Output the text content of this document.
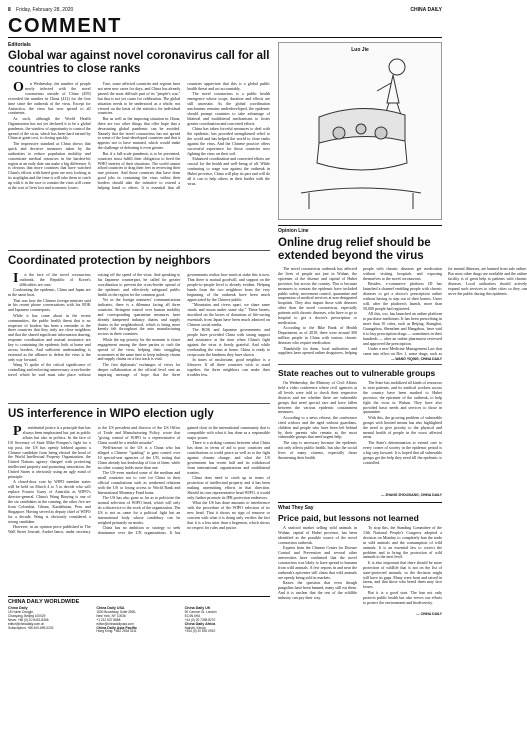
8 Friday, February 28, 2020	CHINA DAILY
COMMENT
Editorials
Global war against novel coronavirus call for all countries to close ranks

On Wednesday, the number of people newly infected with the novel coronavirus outside of China (459) exceeded the number in China (412) for the first time since the outbreak of the virus. Except for Antarctica, the virus has now spread to all continents.

As such, although the World Health Organization has not yet declared it to be a global pandemic, the window of opportunity to control the spread of the virus, which has been hard earned by China at great cost, is closing quickly.

The impressive standard at China shows that quick and decisive measures taken by the authorities to reduce population mobility and concentrate medical resources in the hardest-hit region at an early date can make a big difference. It is obvious that more countries that have watched China's efforts with bated gone are now looking at its stoplights and the time it will take them to catch up with it in the race to contain the virus will come at the cost of lives lost and economic losses.

True, some affected countries and regions have not seen new cases for days, and China has already passed the most difficult part of its "people's war," but that is not yet cause for celebration. The global situation needs to be understood as a whole, not viewed on the basis of the statistics for individual countries.

But as well as the imposing situation in China, there are two other things that offer hope that a devastating global pandemic can be avoided. Namely that the novel coronavirus has not spread to some of the least-developed countries and that it appears not to have mutated, which would make the challenge of defeating it even greater.

But if a full-scale pandemic is to be prevented, countries must fulfill their obligation to heed the WHO interest of their situations. The world cannot afford countries to drag their feet in reviewing their true pictures. And those countries that have done good jobs in containing the virus within their borders should take the initiative to extend a helping hand to others. It is essential that all countries appreciate that this is a global public health threat and act accountably.

The novel coronavirus is a public health emergence whose scope, duration and effects are still uncertain. As the global coordination mechanism remains underdeveloped, the epidemic should prompt countries to take advantage of bilateral and multilateral mechanisms to foster greater coordination and concerted efforts.

China has taken forceful measures to deal with the epidemic, has provided strengthened relief to the world and has helped the world to close ranks against the virus. And the Chinese practice offers successful experience for those countries now fighting the virus on their soil.

Enhanced coordination and concerted efforts are crucial for the health and well-being of all. While continuing to wage war against the outbreak in Hubei province, China will play its part and will do all it can to help others in their battles with the virus.

Coordinated protection by neighbors

In the face of the novel coronavirus outbreak, the Republic of Korea's difficulties are ours.

Confronting the epidemic, China and Japan are in the same boat.

That was how the Chinese foreign minister said in his recent phone conversations with his ROK and Japanese counterparts.

While it has come about in the recent communities, the public health threat that is no respecter of borders has been a reminder to the three countries that they truly are close neighbors and that the shared significant information sharing, response coordination and mutual assistance are key to containing the epidemic both at home and across borders. And sufficient understanding is essential as the alliance to defeat the virus is the only way forward.

Wang Yi spoke of the critical significance of controlling and enforcing unnecessary cross-border travel which he said must take place without cutting off the speed of the virus. And speaking to his Japanese counterpart, he called for greater coordination to prevent the cross-border spread of the epidemic and effectively safeguard public health in the region for the common good.

Yet as the foreign ministers' communications indicates, there is a dilemma facing all three countries. Stringent control over human mobility and corresponding quarantine measures have already dampened industry chains and supply chains in the neighborhood, which is being more keenly felt throughout the auto manufacturing sectors in three countries.

While the top priority for the moment is closer engagement among the three parties to curb the spread of the virus, helping their struggling economies at the same time to keep industry chains and supply chains on a fast track is vital.

The first diplomats' exchanges of views for deeper collaboration at the official level sent an inspiring message of hope that the three governments realize how much at stake this is now. That there is mutual goodwill, and support on the people-to-people level is already evident. Helping hands from the two neighbors from the very beginning of the outbreak have been much appreciated by the Chinese public.

"Mountains and rivers apart, we share same winds and moon under same sky." These hearts, inscribed on the boxes of donations of life-saving essentials from Japan have been much admired on Chinese social media.

The ROK and Japanese governments and people have provided China with strong support and assistance at the time when China's fight against the virus is firmly grateful. And while overhauling the virus at home, China is ready to reciprocate the kindness they have shown.

In times of misfortune, good neighbor is a lifesaver. If all three countries wish to stand together, the three neighbors can make their troubles less.

US interference in WIPO election ugly

Presidential justice is a principle that has always been emphasized but just in public affairs but also in politics. In the face of US Secretary of State Mike Pompeo's fight for a top post, the US has openly lobbied against a Chinese candidate from being elected the head of the World Intellectual Property Organization, the United Nations agency charged with protecting intellectual property and promoting innovation, the United States is obviously using an ugly mind of principle.

A closed-door vote by WIPO member states will be held on March 4 to 5 to decide who will replace Francis Gurry of Australia as WIPO's director-general. China's Wang Binying is one of the six candidates in the running, the other five are from Colombia, Ghana, Kazakhstan, Peru and Singapore. Having served as deputy chief of WIPO for a decade, Wang is obviously considered a strong candidate.

However, in an opinion piece published in The Wall Street Journal, Andrei Iancu, under secretary to the US president and director of the US Office of Trade and Manufacturing Policy, wrote that "giving control of WIPO to a representative of China would be a terrible mistake".

Well-known to the US is a China who has alleged a Chinese "quisling" to gain control over 10 special-seat agencies of the UN, noting that China already has leadership of four of them, while no other country holds more than one.

The US-even marked some of the medium and small countries not to vote for China in their official consultations such as weakened relations with the US or losing access to World Bank and International Monetary Fund loans.

The US has also gone so far as to politicize the normal selection of WIPO head, which will only do a disservice to the work of the organization. The US is not as came for a political fight but an international body whose candidacy can be weighed primarily on merits.

China has no ambition or strategy to seek dominance over the UN organizations. It has gained clout in the international community that is compatible with what it has done as a responsible major power.

There is a striking contrast between what China has done, in terms of aid to poor countries and contributions to world peace as well as to the fight against climate change, and what the US government has recent half and its withdrawal from international organizations and multilateral treaties.

China does need to catch up in terms of protection of intellectual property and it has been making unremitting efforts in that direction. Should its own representative head WIPO, it would only further promote its IPR protection endeavors.

What the US has done amounts to interference with the procedure of the WIPO selection of its new head. That it shows no sign of remorse or concern with what it is doing only verifies the fact that it is a less utter than a hegemon, which shows no respect for rules and justice.

CHINA DAILY WORLDWIDE
China Daily
15 Huixin Dongjie,
Chaoyang, Beijing 100029
News: +86 (0) 10 6491-8366
editor@chinadaily.com.cn
Subscription: +86 400-699-0203
China Daily USA
1500 Broadway, Suite 2800,
New York, NY 10036
+1 212 537 8888
editor@chinadailyusa.com
China Daily Asia Pacific
Hong Kong: +852 2518 5111
China Daily UK
90 Cannon St, London
EC4N 6HA
+44 (0) 20 7398 8270
China Daily Africa
Nairobi, Kenya
+254 (0) 20 692 0910
Luo Jie
Opinion Line
Online drug relief should be extended beyond the virus

The novel coronavirus outbreak has affected the lives of people not just in Wuhan, the epicenter of the disease and capital of Hubei province, but across the country. This is because measures to contain the epidemic have included public safety, movement control, quarantine and suspension of medical services at non-designated hospitals. They also impact those with diseases other than the novel coronavirus, especially patients with chronic diseases, who have to go to hospital to get a doctor's prescription or medication.

According to the Bike Bank of Health Department, as of 2018, there were around 300 million people in China with various chronic diseases who require medication.

Thankfully for them, local authorities and suppliers have opened online drugstores, helping people with chronic diseases get medication without visiting hospitals and exposing themselves to the novel coronavirus.

Besides, e-commerce platform JD has launched a channel enabling people with chronic diseases to get a doctor's prescription online without having to step out of their homes. Users will, after the platform's launch, more than 50,000 people had registered.

All this, too, has launched an online platform to purchase medicines. It has been prescribing in more than 10 cities, such as Beijing, Shanghai, Guangzhou, Shenzhen and Hangzhou, have said it to buy prescription drugs — sometimes in their hundreds — after an online pharmacist reviewed and approved the prescription.

Under a new Medicine Management Law that came into effect on Dec 1, some drugs, such as for mental illnesses, are banned from sale online. But most other drugs are available and the online facility is of great help to patients with chronic diseases. Local authorities should actively expand such services to other cities so they can serve the public during this epidemic.

— WANG YIQING, CHINA DAILY
State reaches out to vulnerable groups

On Wednesday, the Ministry of Civil Affairs held a video conference where civil agencies at all levels were told to check their respective districts and see whether there are vulnerable groups that need special care and have fallen between the various epidemic containment measures.

According to a news release, the conference cited widows and the aged without guardians, children and people who have been left behind by their parents who remain as the most vulnerable groups that need urgent help.

The step is necessary because the epidemic not only affects public health, but also the social lives of many citizens, especially those threatening their health.

The State has mobilized all kinds of resources to treat patients, and its medical workers across the country have been marked to Hubei province, the epicenter of the outbreak, to help fight the virus in Wuhan. They have also provided basic needs and services to those in quarantine.

With this, the growing problem of vulnerable groups with limited means has also highlighted the need to give priority to the physical and mental health of people in the worst affected areas.

The State's determination to extend care to every corner of society in the epidemic period is a big step forward. It is hoped that all vulnerable groups get the help they need till the epidemic is controlled.

— ZHANG ZHOUXIANG, CHINA DAILY
What They Say
Price paid, but lessons not learned

A seafood market selling wild animals in Wuhan, capital of Hubei province, has been identified as the possible source of the novel coronavirus outbreak.

Experts from the Chinese Center for Disease Control and Prevention and several other universities have confirmed that the novel coronavirus was likely to have spread to humans from wild animals. A few reports in and near the outbreak's epicenter still claim that wild animals are openly being sold in markets.

Raises the question that even though pangolins have been banned, many still eat them. And it is unclear that the rest of the wildlife industry can pay their way.

To stop this, the Standing Committee of the 13th National People's Congress adopted a decision on Monday to completely ban the trade in wild animals and the consumption of wild animals. It is an essential law to correct the problem and to bring the protection of wild animals to the next level.

It is also important that there should be more protection of wildlife that is not on the list of state-protected animals, so the decision might still have its gaps. Many were born and raised in farms, and that those who breed them may face losses.

But it is a good start. The ban not only protects public health but also serves our efforts to protect the environment and biodiversity.

— CHINA DAILY
